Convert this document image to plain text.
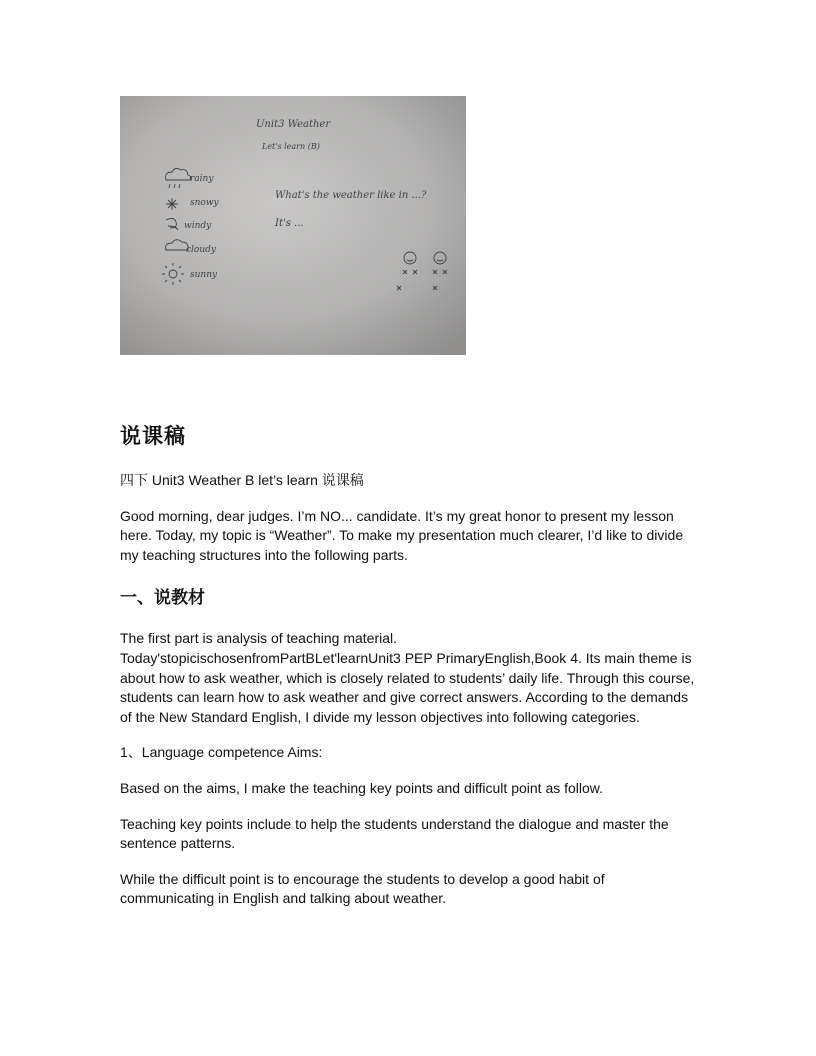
Unit3 Weather
Let's learn (B)
What's the weather like in ...?
It's ...
rainy
snowy
windy
cloudy
sunny
说课稿

四下 Unit3 Weather B let’s learn 说课稿

Good morning, dear judges. I’m NO... candidate. It’s my great honor to present my lesson here. Today, my topic is “Weather”. To make my presentation much clearer, I’d like to divide my teaching structures into the following parts.

一、说教材

The first part is analysis of teaching material.

Today'stopicischosenfromPartBLet'learnUnit3 PEP PrimaryEnglish,Book 4. Its main theme is about how to ask weather, which is closely related to students’ daily life. Through this course, students can learn how to ask weather and give correct answers. According to the demands of the New Standard English, I divide my lesson objectives into following categories.

1、Language competence Aims:

Based on the aims, I make the teaching key points and difficult point as follow.

Teaching key points include to help the students understand the dialogue and master the sentence patterns.

While the difficult point is to encourage the students to develop a good habit of communicating in English and talking about weather.
